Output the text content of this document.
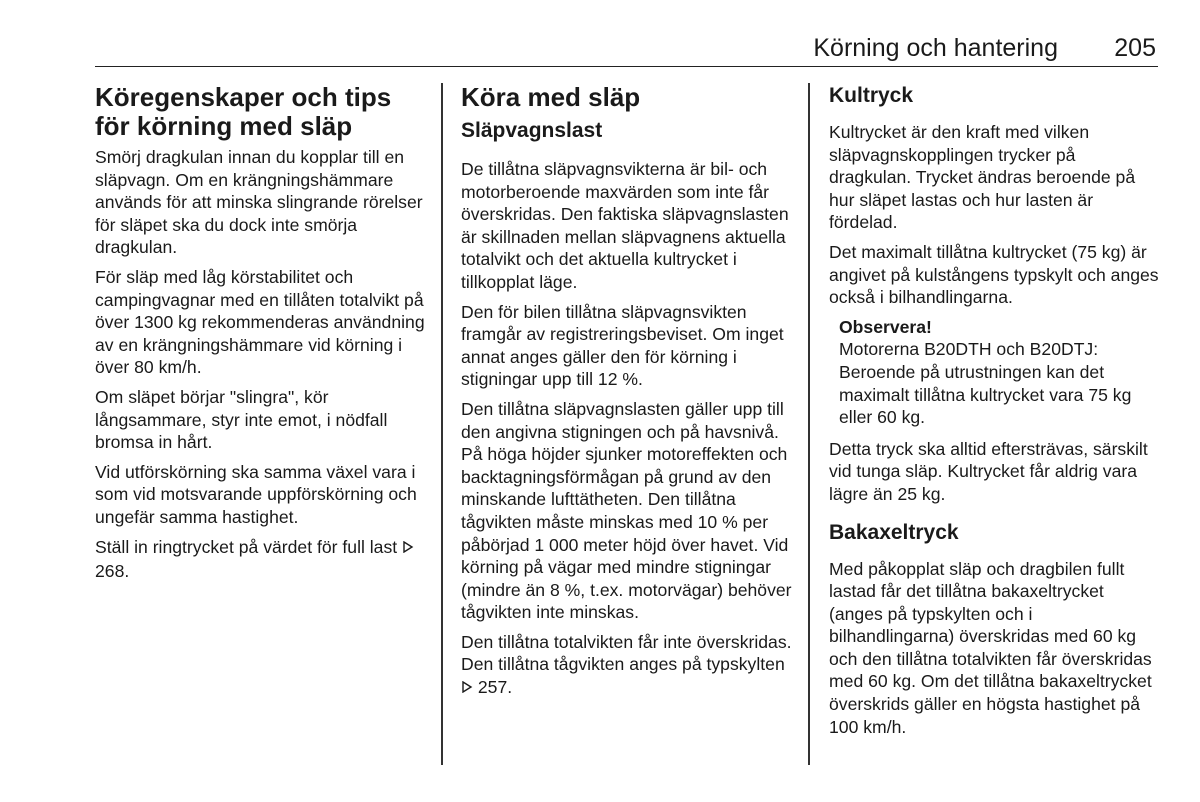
Körning och hantering 205
Köregenskaper och tips för körning med släp

Smörj dragkulan innan du kopplar till en släpvagn. Om en krängningshämmare används för att minska slingrande rörelser för släpet ska du dock inte smörja dragkulan.

För släp med låg körstabilitet och campingvagnar med en tillåten totalvikt på över 1300 kg rekommenderas användning av en krängningshämmare vid körning i över 80 km/h.

Om släpet börjar "slingra", kör långsammare, styr inte emot, i nödfall bromsa in hårt.

Vid utförskörning ska samma växel vara i som vid motsvarande uppförskörning och ungefär samma hastighet.

Ställ in ringtrycket på värdet för full last  268.

Köra med släp
Släpvagnslast

De tillåtna släpvagnsvikterna är bil- och motorberoende maxvärden som inte får överskridas. Den faktiska släpvagnslasten är skillnaden mellan släpvagnens aktuella totalvikt och det aktuella kultrycket i tillkopplat läge.

Den för bilen tillåtna släpvagnsvikten framgår av registreringsbeviset. Om inget annat anges gäller den för körning i stigningar upp till 12 %.

Den tillåtna släpvagnslasten gäller upp till den angivna stigningen och på havsnivå. På höga höjder sjunker motoreffekten och backtagningsförmågan på grund av den minskande lufttätheten. Den tillåtna tågvikten måste minskas med 10 % per påbörjad 1 000 meter höjd över havet. Vid körning på vägar med mindre stigningar (mindre än 8 %, t.ex. motorvägar) behöver tågvikten inte minskas.

Den tillåtna totalvikten får inte överskridas. Den tillåtna tågvikten anges på typskylten  257.

Kultryck

Kultrycket är den kraft med vilken släpvagnskopplingen trycker på dragkulan. Trycket ändras beroende på hur släpet lastas och hur lasten är fördelad.

Det maximalt tillåtna kultrycket (75 kg) är angivet på kulstångens typskylt och anges också i bilhandlingarna.

Observera!
Motorerna B20DTH och B20DTJ: Beroende på utrustningen kan det maximalt tillåtna kultrycket vara 75 kg eller 60 kg.

Detta tryck ska alltid eftersträvas, särskilt vid tunga släp. Kultrycket får aldrig vara lägre än 25 kg.

Bakaxeltryck

Med påkopplat släp och dragbilen fullt lastad får det tillåtna bakaxeltrycket (anges på typskylten och i bilhandlingarna) överskridas med 60 kg och den tillåtna totalvikten får överskridas med 60 kg. Om det tillåtna bakaxeltrycket överskrids gäller en högsta hastighet på 100 km/h.
